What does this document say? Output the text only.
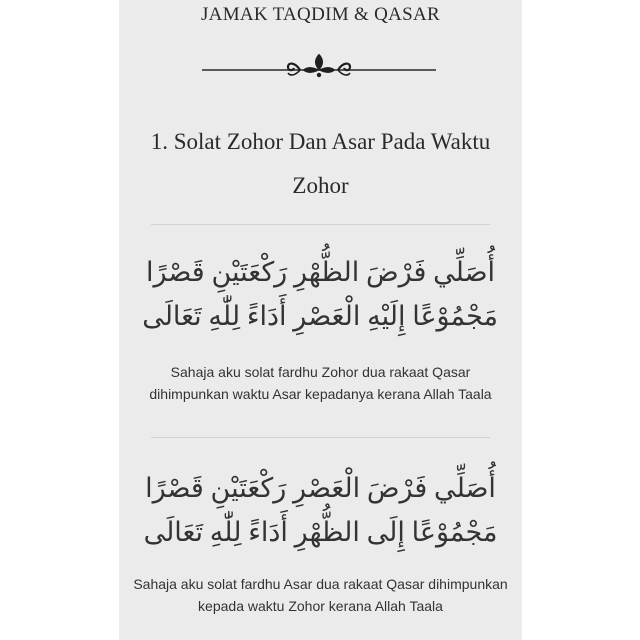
JAMAK TAQDIM & QASAR
1. Solat Zohor Dan Asar Pada Waktu Zohor
أُصَلِّي فَرْضَ الظُّهْرِ رَكْعَتَيْنِ قَصْرًا
مَجْمُوْعًا إِلَيْهِ الْعَصْرِ أَدَاءً لِلّٰهِ تَعَالَى
Sahaja aku solat fardhu Zohor dua rakaat Qasar dihimpunkan waktu Asar kepadanya kerana Allah Taala
أُصَلِّي فَرْضَ الْعَصْرِ رَكْعَتَيْنِ قَصْرًا
مَجْمُوْعًا إِلَى الظُّهْرِ أَدَاءً لِلّٰهِ تَعَالَى
Sahaja aku solat fardhu Asar dua rakaat Qasar dihimpunkan kepada waktu Zohor kerana Allah Taala
